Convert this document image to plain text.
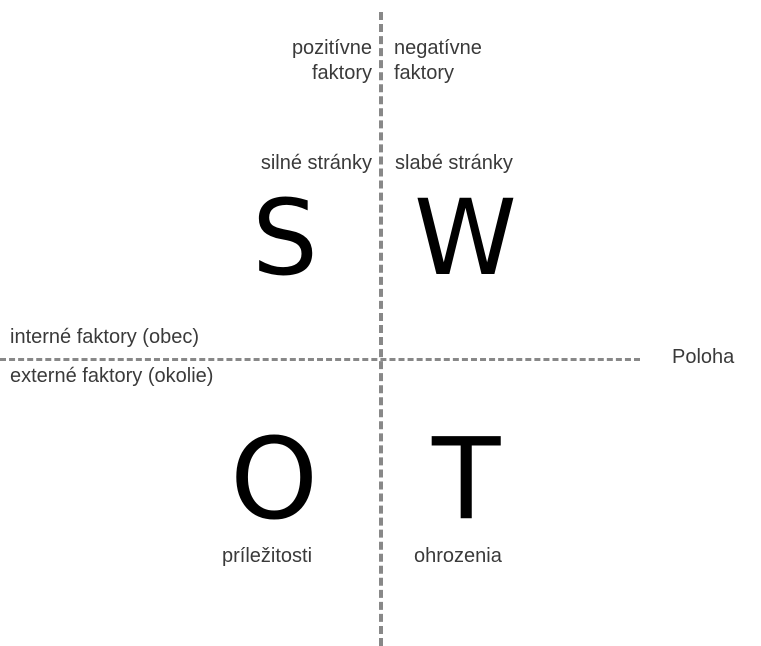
pozitívne
faktory
negatívne
faktory
silné stránky slabé stránky
S W
O T
interné faktory (obec)
externé faktory (okolie)
Poloha
príležitosti	ohrozenia
